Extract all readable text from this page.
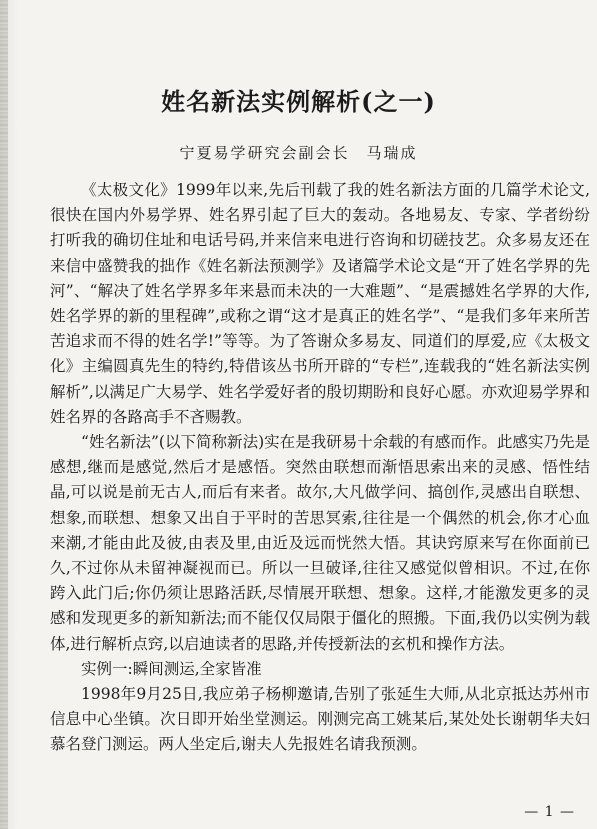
姓名新法实例解析(之一)
宁夏易学研究会副会长　马瑞成

《太极文化》1999年以来,先后刊载了我的姓名新法方面的几篇学术论文,很快在国内外易学界、姓名界引起了巨大的轰动。各地易友、专家、学者纷纷打听我的确切住址和电话号码,并来信来电进行咨询和切磋技艺。众多易友还在来信中盛赞我的拙作《姓名新法预测学》及诸篇学术论文是“开了姓名学界的先河”、“解决了姓名学界多年来悬而未决的一大难题”、“是震撼姓名学界的大作,姓名学界的新的里程碑”,或称之谓“这才是真正的姓名学”、“是我们多年来所苦苦追求而不得的姓名学!”等等。为了答谢众多易友、同道们的厚爱,应《太极文化》主编圆真先生的特约,特借该丛书所开辟的“专栏”,连载我的“姓名新法实例解析”,以满足广大易学、姓名学爱好者的殷切期盼和良好心愿。亦欢迎易学界和姓名界的各路高手不吝赐教。

“姓名新法”(以下简称新法)实在是我研易十余载的有感而作。此感实乃先是感想,继而是感觉,然后才是感悟。突然由联想而渐悟思索出来的灵感、悟性结晶,可以说是前无古人,而后有来者。故尔,大凡做学问、搞创作,灵感出自联想、想象,而联想、想象又出自于平时的苦思冥索,往往是一个偶然的机会,你才心血来潮,才能由此及彼,由表及里,由近及远而恍然大悟。其诀窍原来写在你面前已久,不过你从未留神凝视而已。所以一旦破译,往往又感觉似曾相识。不过,在你跨入此门后;你仍须让思路活跃,尽情展开联想、想象。这样,才能激发更多的灵感和发现更多的新知新法;而不能仅仅局限于僵化的照搬。下面,我仍以实例为载体,进行解析点窍,以启迪读者的思路,并传授新法的玄机和操作方法。

实例一:瞬间测运,全家皆准

1998年9月25日,我应弟子杨柳邀请,告别了张延生大师,从北京抵达苏州市信息中心坐镇。次日即开始坐堂测运。刚测完高工姚某后,某处处长谢朝华夫妇慕名登门测运。两人坐定后,谢夫人先报姓名请我预测。

— 1 —
